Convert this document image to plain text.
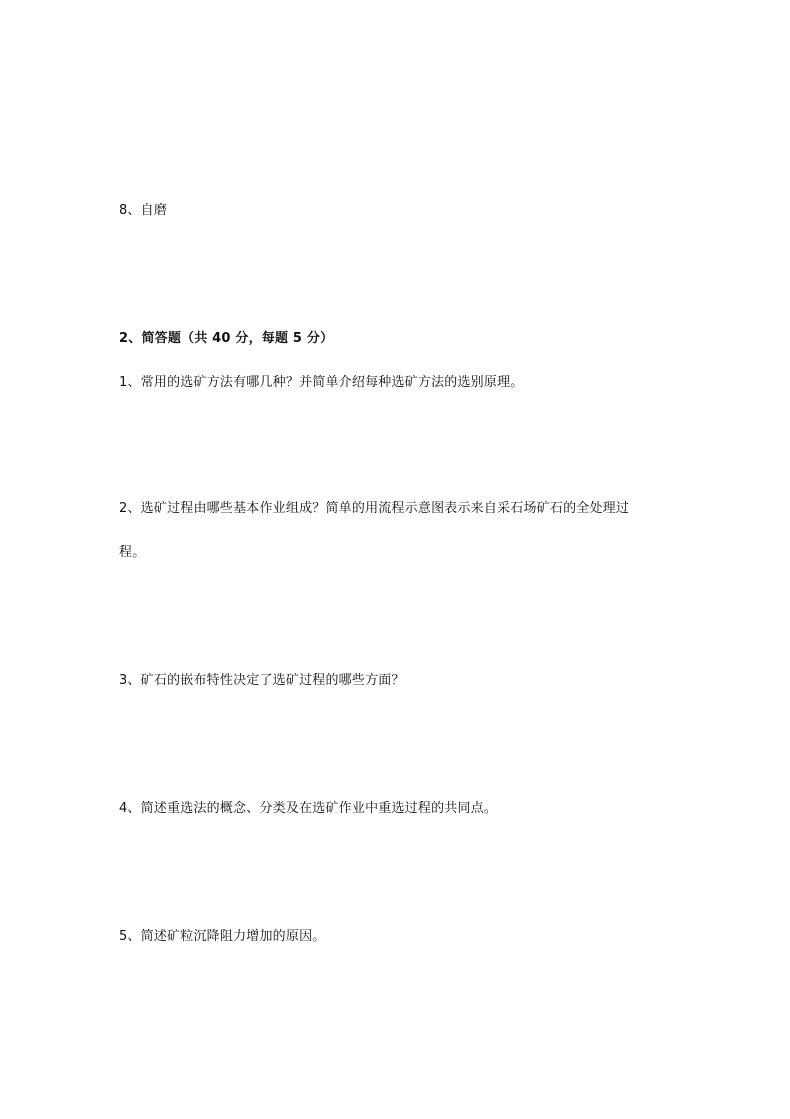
8、自磨
2、简答题（共 40 分，每题 5 分）
1、常用的选矿方法有哪几种？并简单介绍每种选矿方法的选别原理。
2、选矿过程由哪些基本作业组成？简单的用流程示意图表示来自采石场矿石的全处理过
程。
3、矿石的嵌布特性决定了选矿过程的哪些方面？
4、简述重选法的概念、分类及在选矿作业中重选过程的共同点。
5、简述矿粒沉降阻力增加的原因。
